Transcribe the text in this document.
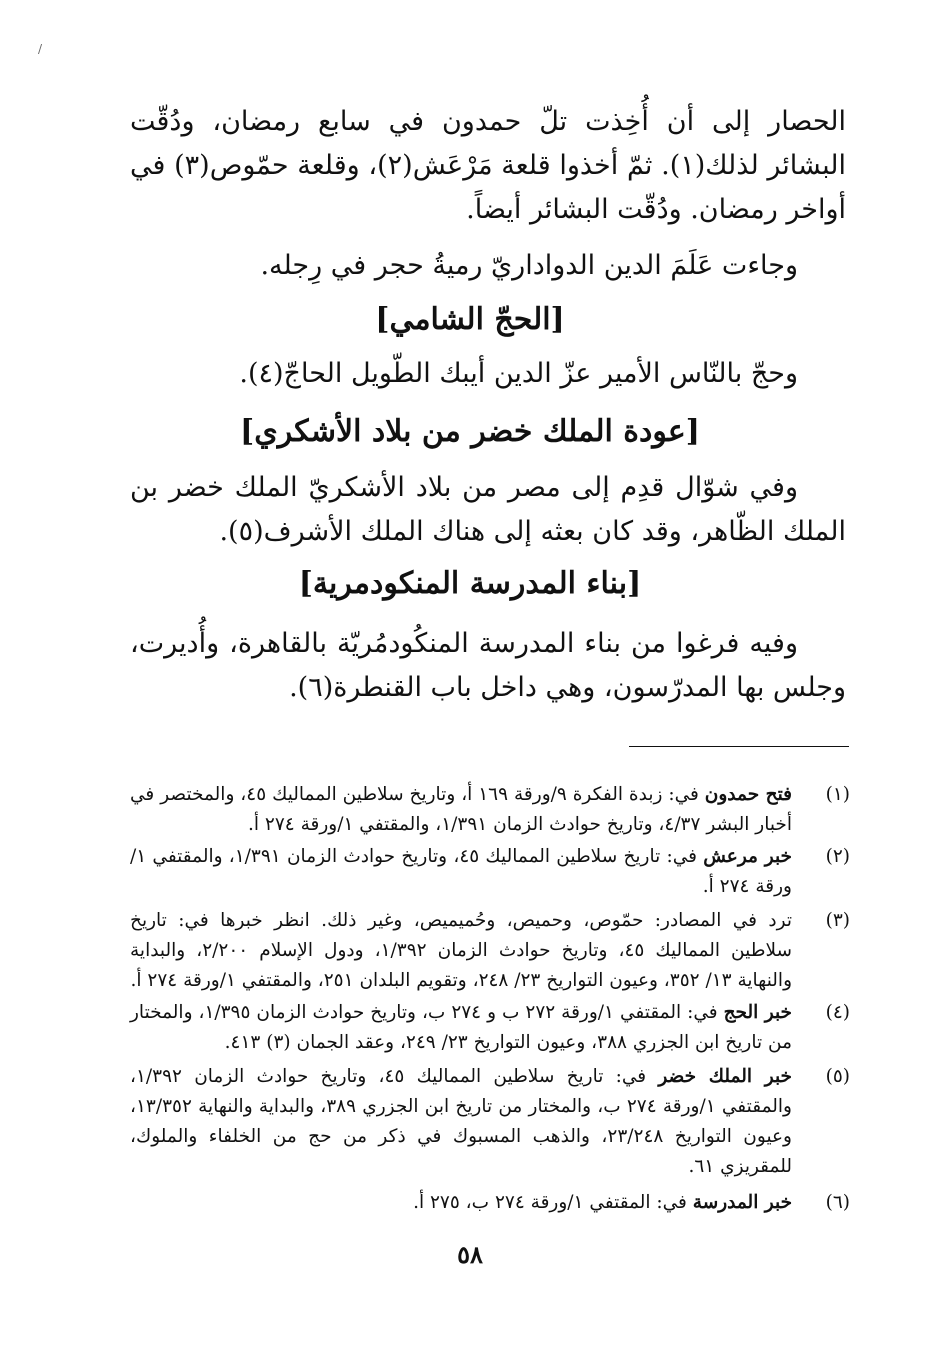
/
الحصار إلى أن أُخِذت تلّ حمدون في سابع رمضان، ودُقّت البشائر لذلك(١). ثمّ أخذوا قلعة مَرْعَش(٢)، وقلعة حمّوص(٣) في أواخر رمضان. ودُقّت البشائر أيضاً.
وجاءت عَلَمَ الدين الدواداريّ رميةُ حجر في رِجله.
[الحجّ الشامي]
وحجّ بالنّاس الأمير عزّ الدين أيبك الطّويل الحاجّ(٤).
[عودة الملك خضر من بلاد الأشكري]
وفي شوّال قدِم إلى مصر من بلاد الأشكريّ الملك خضر بن الملك الظّاهر، وقد كان بعثه إلى هناك الملك الأشرف(٥).
[بناء المدرسة المنكودمرية]
وفيه فرغوا من بناء المدرسة المنكُودمُريّة بالقاهرة، وأُديرت، وجلس بها المدرّسون، وهي داخل باب القنطرة(٦).
(١)
فتح حمدون في: زبدة الفكرة ٩/ورقة ١٦٩ أ، وتاريخ سلاطين المماليك ٤٥، والمختصر في أخبار البشر ٤/٣٧، وتاريخ حوادث الزمان ١/٣٩١، والمقتفي ١/ورقة ٢٧٤ أ.
(٢)
خبر مرعش في: تاريخ سلاطين المماليك ٤٥، وتاريخ حوادث الزمان ١/٣٩١، والمقتفي ١/ورقة ٢٧٤ أ.
(٣)
ترد في المصادر: حمّوص، وحميص، وحُميميص، وغير ذلك. انظر خبرها في: تاريخ سلاطين المماليك ٤٥، وتاريخ حوادث الزمان ١/٣٩٢، ودول الإسلام ٢/٢٠٠، والبداية والنهاية ١٣/ ٣٥٢، وعيون التواريخ ٢٣/ ٢٤٨، وتقويم البلدان ٢٥١، والمقتفي ١/ورقة ٢٧٤ أ.
(٤)
خبر الحج في: المقتفي ١/ورقة ٢٧٢ ب و ٢٧٤ ب، وتاريخ حوادث الزمان ١/٣٩٥، والمختار من تاريخ ابن الجزري ٣٨٨، وعيون التواريخ ٢٣/ ٢٤٩، وعقد الجمان (٣) ٤١٣.
(٥)
خبر الملك خضر في: تاريخ سلاطين المماليك ٤٥، وتاريخ حوادث الزمان ١/٣٩٢، والمقتفي ١/ورقة ٢٧٤ ب، والمختار من تاريخ ابن الجزري ٣٨٩، والبداية والنهاية ١٣/٣٥٢، وعيون التواريخ ٢٣/٢٤٨، والذهب المسبوك في ذكر من حج من الخلفاء والملوك، للمقريزي ٦١.
(٦)
خبر المدرسة في: المقتفي ١/ورقة ٢٧٤ ب، ٢٧٥ أ.
٥٨
